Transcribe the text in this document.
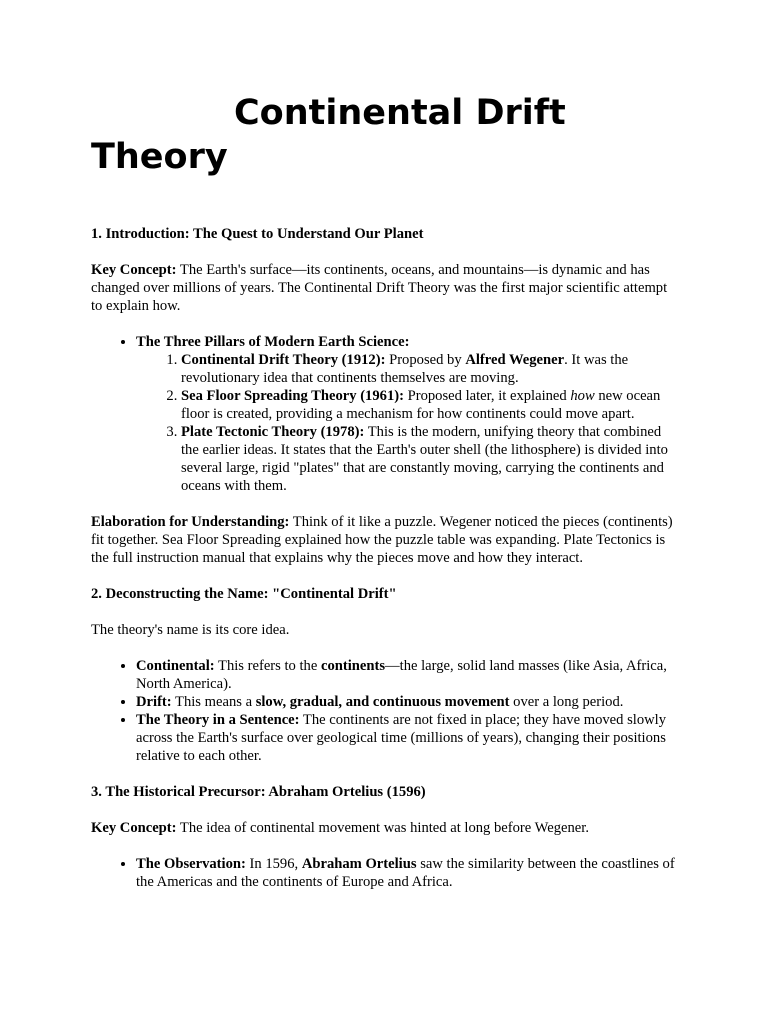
Continental Drift Theory
1. Introduction: The Quest to Understand Our Planet

Key Concept: The Earth's surface—its continents, oceans, and mountains—is dynamic and has changed over millions of years. The Continental Drift Theory was the first major scientific attempt to explain how.

• The Three Pillars of Modern Earth Science:
1. Continental Drift Theory (1912): Proposed by Alfred Wegener. It was the revolutionary idea that continents themselves are moving.
2. Sea Floor Spreading Theory (1961): Proposed later, it explained how new ocean floor is created, providing a mechanism for how continents could move apart.
3. Plate Tectonic Theory (1978): This is the modern, unifying theory that combined the earlier ideas. It states that the Earth's outer shell (the lithosphere) is divided into several large, rigid "plates" that are constantly moving, carrying the continents and oceans with them.

Elaboration for Understanding: Think of it like a puzzle. Wegener noticed the pieces (continents) fit together. Sea Floor Spreading explained how the puzzle table was expanding. Plate Tectonics is the full instruction manual that explains why the pieces move and how they interact.

2. Deconstructing the Name: "Continental Drift"

The theory's name is its core idea.

• Continental: This refers to the continents—the large, solid land masses (like Asia, Africa, North America).
• Drift: This means a slow, gradual, and continuous movement over a long period.
• The Theory in a Sentence: The continents are not fixed in place; they have moved slowly across the Earth's surface over geological time (millions of years), changing their positions relative to each other.
3. The Historical Precursor: Abraham Ortelius (1596)

Key Concept: The idea of continental movement was hinted at long before Wegener.

• The Observation: In 1596, Abraham Ortelius saw the similarity between the coastlines of the Americas and the continents of Europe and Africa.
